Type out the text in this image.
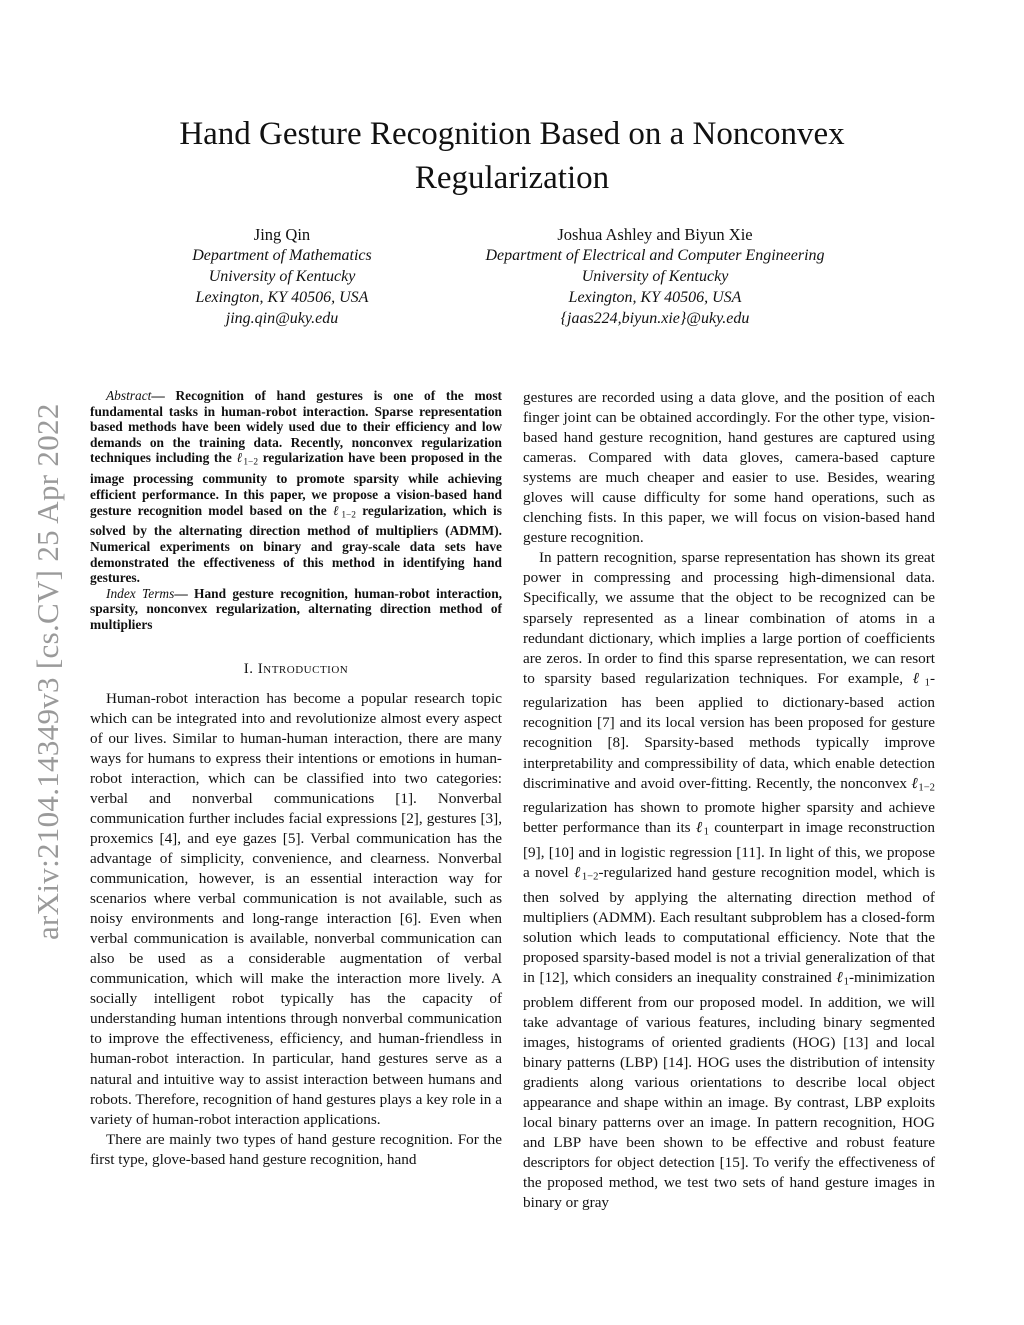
arXiv:2104.14349v3 [cs.CV] 25 Apr 2022
Hand Gesture Recognition Based on a Nonconvex Regularization
Jing Qin
Department of Mathematics
University of Kentucky
Lexington, KY 40506, USA
jing.qin@uky.edu
Joshua Ashley and Biyun Xie
Department of Electrical and Computer Engineering
University of Kentucky
Lexington, KY 40506, USA
{jaas224,biyun.xie}@uky.edu

Abstract— Recognition of hand gestures is one of the most fundamental tasks in human-robot interaction. Sparse representation based methods have been widely used due to their efficiency and low demands on the training data. Recently, nonconvex regularization techniques including the ℓ$_{1-2}$ regularization have been proposed in the image processing community to promote sparsity while achieving efficient performance. In this paper, we propose a vision-based hand gesture recognition model based on the ℓ$_{1-2}$ regularization, which is solved by the alternating direction method of multipliers (ADMM). Numerical experiments on binary and gray-scale data sets have demonstrated the effectiveness of this method in identifying hand gestures.

Index Terms— Hand gesture recognition, human-robot interaction, sparsity, nonconvex regularization, alternating direction method of multipliers

I. Introduction

Human-robot interaction has become a popular research topic which can be integrated into and revolutionize almost every aspect of our lives. Similar to human-human interaction, there are many ways for humans to express their intentions or emotions in human-robot interaction, which can be classified into two categories: verbal and nonverbal communications [1]. Nonverbal communication further includes facial expressions [2], gestures [3], proxemics [4], and eye gazes [5]. Verbal communication has the advantage of simplicity, convenience, and clearness. Nonverbal communication, however, is an essential interaction way for scenarios where verbal communication is not available, such as noisy environments and long-range interaction [6]. Even when verbal communication is available, nonverbal communication can also be used as a considerable augmentation of verbal communication, which will make the interaction more lively. A socially intelligent robot typically has the capacity of understanding human intentions through nonverbal communication to improve the effectiveness, efficiency, and human-friendless in human-robot interaction. In particular, hand gestures serve as a natural and intuitive way to assist interaction between humans and robots. Therefore, recognition of hand gestures plays a key role in a variety of human-robot interaction applications.

There are mainly two types of hand gesture recognition. For the first type, glove-based hand gesture recognition, hand

gestures are recorded using a data glove, and the position of each finger joint can be obtained accordingly. For the other type, vision-based hand gesture recognition, hand gestures are captured using cameras. Compared with data gloves, camera-based capture systems are much cheaper and easier to use. Besides, wearing gloves will cause difficulty for some hand operations, such as clenching fists. In this paper, we will focus on vision-based hand gesture recognition.

In pattern recognition, sparse representation has shown its great power in compressing and processing high-dimensional data. Specifically, we assume that the object to be recognized can be sparsely represented as a linear combination of atoms in a redundant dictionary, which implies a large portion of coefficients are zeros. In order to find this sparse representation, we can resort to sparsity based regularization techniques. For example, ℓ$_1$-regularization has been applied to dictionary-based action recognition [7] and its local version has been proposed for gesture recognition [8]. Sparsity-based methods typically improve interpretability and compressibility of data, which enable detection discriminative and avoid over-fitting. Recently, the nonconvex ℓ$_{1-2}$ regularization has shown to promote higher sparsity and achieve better performance than its ℓ$_1$ counterpart in image reconstruction [9], [10] and in logistic regression [11]. In light of this, we propose a novel ℓ$_{1-2}$-regularized hand gesture recognition model, which is then solved by applying the alternating direction method of multipliers (ADMM). Each resultant subproblem has a closed-form solution which leads to computational efficiency. Note that the proposed sparsity-based model is not a trivial generalization of that in [12], which considers an inequality constrained ℓ$_1$-minimization problem different from our proposed model. In addition, we will take advantage of various features, including binary segmented images, histograms of oriented gradients (HOG) [13] and local binary patterns (LBP) [14]. HOG uses the distribution of intensity gradients along various orientations to describe local object appearance and shape within an image. By contrast, LBP exploits local binary patterns over an image. In pattern recognition, HOG and LBP have been shown to be effective and robust feature descriptors for object detection [15]. To verify the effectiveness of the proposed method, we test two sets of hand gesture images in binary or gray
